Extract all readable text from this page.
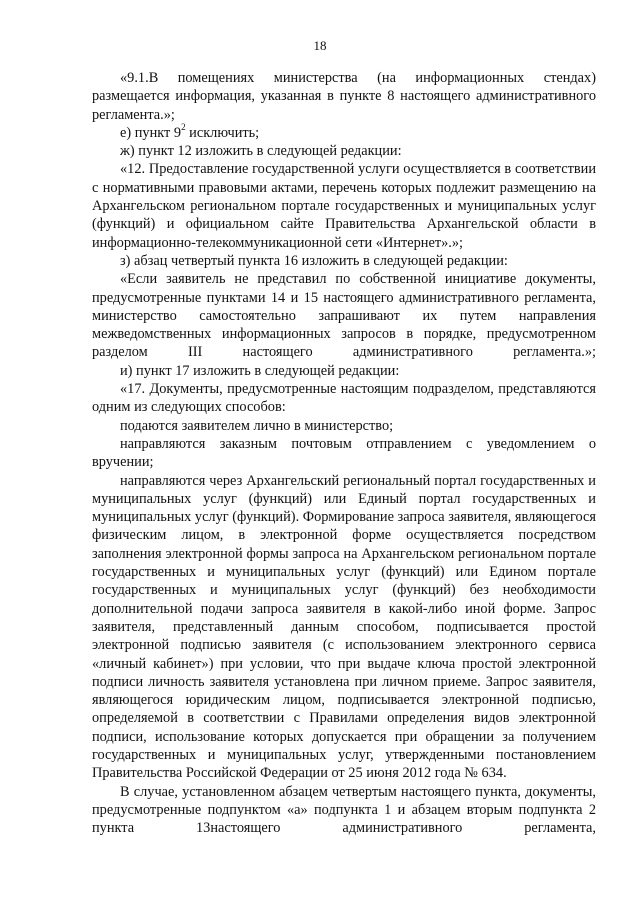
18

«9.1.В помещениях министерства (на информационных стендах) размещается информация, указанная в пункте 8 настоящего административного регламента.»;

е) пункт $9^2$ исключить;

ж) пункт 12 изложить в следующей редакции:

«12. Предоставление государственной услуги осуществляется в соответствии с нормативными правовыми актами, перечень которых подлежит размещению на Архангельском региональном портале государственных и муниципальных услуг (функций) и официальном сайте Правительства Архангельской области в информационно-телекоммуникационной сети «Интернет».»;

з) абзац четвертый пункта 16 изложить в следующей редакции:

«Если заявитель не представил по собственной инициативе документы, предусмотренные пунктами 14 и 15 настоящего административного регламента, министерство самостоятельно запрашивают их путем направления межведомственных информационных запросов в порядке, предусмотренном разделом III настоящего административного регламента.»;

и) пункт 17 изложить в следующей редакции:

«17. Документы, предусмотренные настоящим подразделом, представляются одним из следующих способов:

подаются заявителем лично в министерство;

направляются заказным почтовым отправлением с уведомлением о вручении;

направляются через Архангельский региональный портал государственных и муниципальных услуг (функций) или Единый портал государственных и муниципальных услуг (функций). Формирование запроса заявителя, являющегося физическим лицом, в электронной форме осуществляется посредством заполнения электронной формы запроса на Архангельском региональном портале государственных и муниципальных услуг (функций) или Едином портале государственных и муниципальных услуг (функций) без необходимости дополнительной подачи запроса заявителя в какой-либо иной форме. Запрос заявителя, представленный данным способом, подписывается простой электронной подписью заявителя (с использованием электронного сервиса «личный кабинет») при условии, что при выдаче ключа простой электронной подписи личность заявителя установлена при личном приеме. Запрос заявителя, являющегося юридическим лицом, подписывается электронной подписью, определяемой в соответствии с Правилами определения видов электронной подписи, использование которых допускается при обращении за получением государственных и муниципальных услуг, утвержденными постановлением Правительства Российской Федерации от 25 июня 2012 года № 634.

В случае, установленном абзацем четвертым настоящего пункта, документы, предусмотренные подпунктом «а» подпункта 1 и абзацем вторым подпункта 2 пункта 13настоящего административного регламента,
